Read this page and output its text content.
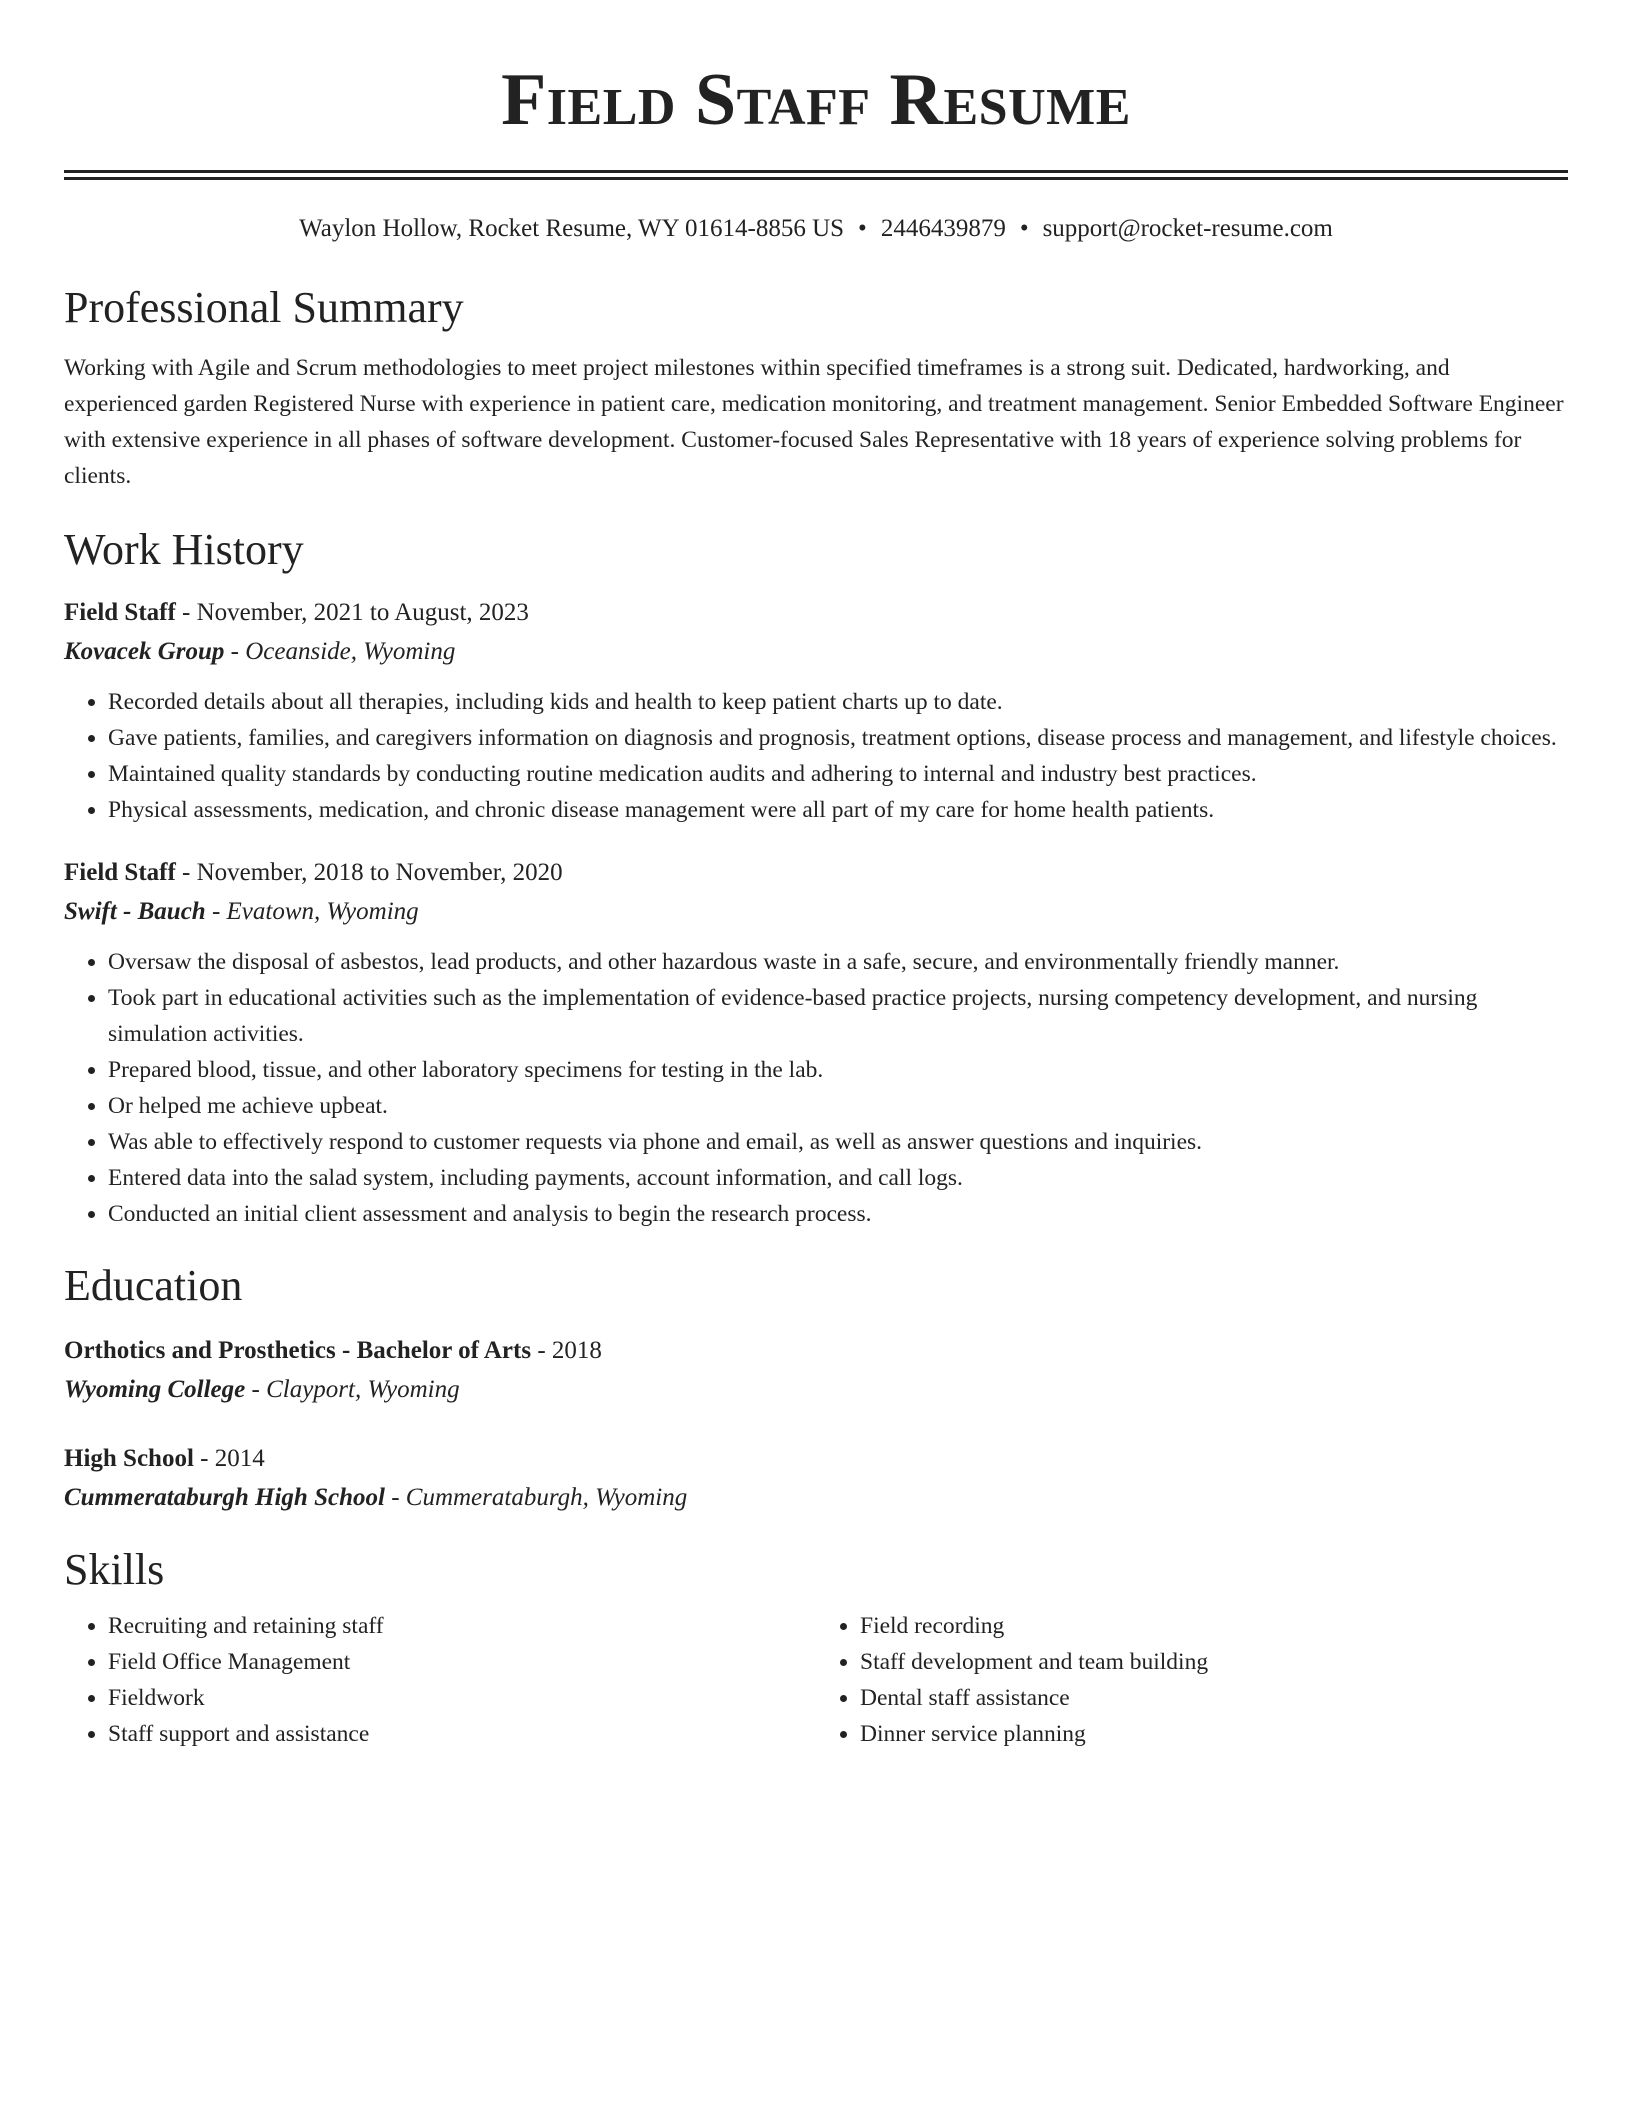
Field Staff Resume
Waylon Hollow, Rocket Resume, WY 01614-8856 US • 2446439879 • support@rocket-resume.com
Professional Summary

Working with Agile and Scrum methodologies to meet project milestones within specified timeframes is a strong suit. Dedicated, hardworking, and experienced garden Registered Nurse with experience in patient care, medication monitoring, and treatment management. Senior Embedded Software Engineer with extensive experience in all phases of software development. Customer-focused Sales Representative with 18 years of experience solving problems for clients.

Work History
Field Staff - November, 2021 to August, 2023
Kovacek Group - Oceanside, Wyoming
• Recorded details about all therapies, including kids and health to keep patient charts up to date.
• Gave patients, families, and caregivers information on diagnosis and prognosis, treatment options, disease process and management, and lifestyle choices.
• Maintained quality standards by conducting routine medication audits and adhering to internal and industry best practices.
• Physical assessments, medication, and chronic disease management were all part of my care for home health patients.
Field Staff - November, 2018 to November, 2020
Swift - Bauch - Evatown, Wyoming
• Oversaw the disposal of asbestos, lead products, and other hazardous waste in a safe, secure, and environmentally friendly manner.
• Took part in educational activities such as the implementation of evidence-based practice projects, nursing competency development, and nursing simulation activities.
• Prepared blood, tissue, and other laboratory specimens for testing in the lab.
• Or helped me achieve upbeat.
• Was able to effectively respond to customer requests via phone and email, as well as answer questions and inquiries.
• Entered data into the salad system, including payments, account information, and call logs.
• Conducted an initial client assessment and analysis to begin the research process.
Education
Orthotics and Prosthetics - Bachelor of Arts - 2018
Wyoming College - Clayport, Wyoming
High School - 2014
Cummerataburgh High School - Cummerataburgh, Wyoming
Skills
• Recruiting and retaining staff
• Field Office Management
• Fieldwork
• Staff support and assistance
• Field recording
• Staff development and team building
• Dental staff assistance
• Dinner service planning
